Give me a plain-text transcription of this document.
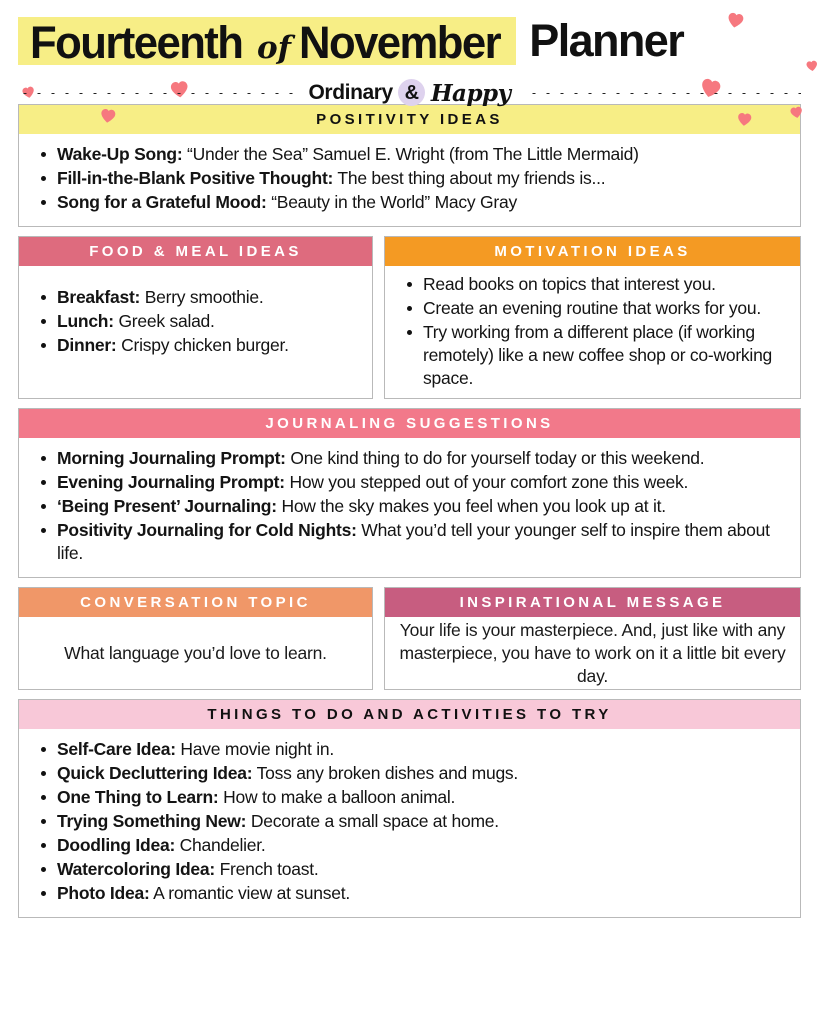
Fourteenth of November Planner
Ordinary & Happy
POSITIVITY IDEAS
Wake-Up Song: “Under the Sea” Samuel E. Wright (from The Little Mermaid)
Fill-in-the-Blank Positive Thought: The best thing about my friends is...
Song for a Grateful Mood: “Beauty in the World” Macy Gray
FOOD & MEAL IDEAS
Breakfast: Berry smoothie.
Lunch: Greek salad.
Dinner: Crispy chicken burger.
MOTIVATION IDEAS
Read books on topics that interest you.
Create an evening routine that works for you.
Try working from a different place (if working remotely) like a new coffee shop or co-working space.
JOURNALING SUGGESTIONS
Morning Journaling Prompt: One kind thing to do for yourself today or this weekend.
Evening Journaling Prompt: How you stepped out of your comfort zone this week.
‘Being Present’ Journaling: How the sky makes you feel when you look up at it.
Positivity Journaling for Cold Nights: What you’d tell your younger self to inspire them about life.
CONVERSATION TOPIC
What language you’d love to learn.
INSPIRATIONAL MESSAGE
Your life is your masterpiece. And, just like with any masterpiece, you have to work on it a little bit every day.
THINGS TO DO AND ACTIVITIES TO TRY
Self-Care Idea: Have movie night in.
Quick Decluttering Idea: Toss any broken dishes and mugs.
One Thing to Learn: How to make a balloon animal.
Trying Something New: Decorate a small space at home.
Doodling Idea: Chandelier.
Watercoloring Idea: French toast.
Photo Idea: A romantic view at sunset.
